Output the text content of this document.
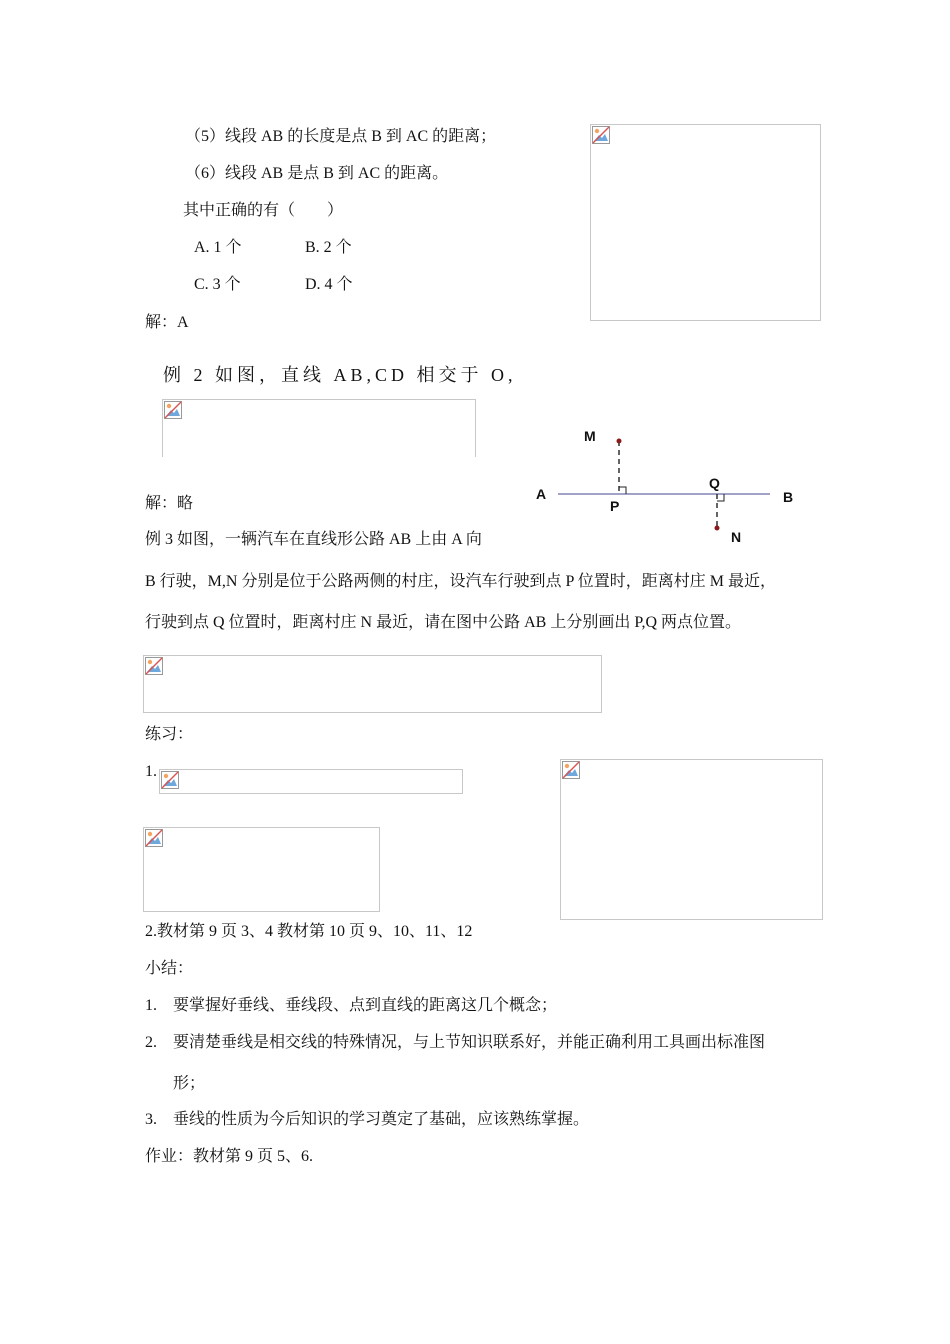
（5）线段 AB 的长度是点 B 到 AC 的距离；
（6）线段 AB 是点 B 到 AC 的距离。
其中正确的有（　　）
A. 1 个	B. 2 个
C. 3 个	D. 4 个
解：A
例 2 如图，直线 AB,CD 相交于 O,
解：略
M
A
P
Q
B
N
例 3 如图，一辆汽车在直线形公路 AB 上由 A 向
B 行驶，M,N 分别是位于公路两侧的村庄，设汽车行驶到点 P 位置时，距离村庄 M 最近，
行驶到点 Q 位置时，距离村庄 N 最近，请在图中公路 AB 上分别画出 P,Q 两点位置。
练习：
1.
2.教材第 9 页 3、4 教材第 10 页 9、10、11、12
小结：
1. 要掌握好垂线、垂线段、点到直线的距离这几个概念；
2. 要清楚垂线是相交线的特殊情况，与上节知识联系好，并能正确利用工具画出标准图
形；
3. 垂线的性质为今后知识的学习奠定了基础，应该熟练掌握。
作业：教材第 9 页 5、6.
